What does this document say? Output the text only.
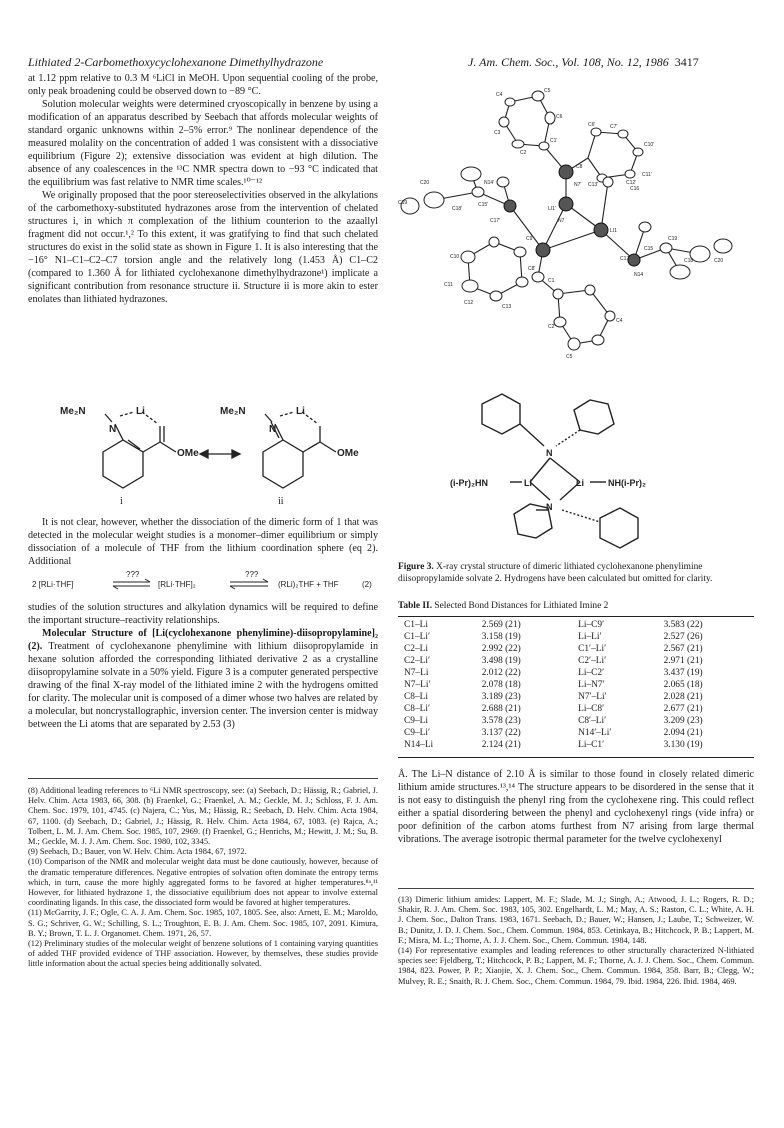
Lithiated 2-Carbomethoxycyclohexanone Dimethylhydrazone	J. Am. Chem. Soc., Vol. 108, No. 12, 1986 3417

at 1.12 ppm relative to 0.3 M ⁶LiCl in MeOH. Upon sequential cooling of the probe, only peak broadening could be observed down to −89 °C.

Solution molecular weights were determined cryoscopically in benzene by using a modification of an apparatus described by Seebach that affords molecular weights of standard organic unknowns within 2–5% error.⁹ The nonlinear dependence of the measured molality on the concentration of added 1 was consistent with a dissociative equilibrium (Figure 2); extensive dissociation was evident at high dilution. The absence of any coalescences in the ¹³C NMR spectra down to −93 °C indicated that the equilibrium was fast relative to NMR time scales.¹⁰⁻¹²

We originally proposed that the poor stereoselectivities observed in the alkylations of the carbomethoxy-substituted hydrazones arose from the intervention of chelated structures i, in which π complexation of the lithium counterion to the azaallyl fragment did not occur.¹,² To this extent, it was gratifying to find that such chelated structures do exist in the solid state as shown in Figure 1. It is also interesting that the −16° N1–C1–C2–C7 torsion angle and the relatively long (1.453 Å) C1–C2 (compared to 1.360 Å for lithiated cyclohexanone dimethylhydrazone¹) implicate a significant contribution from resonance structure ii. Structure ii is more akin to ester enolates than lithiated hydrazones.

Me₂N
N
Li
OMe
Me₂N
N
Li
OMe
i	ii

It is not clear, however, whether the dissociation of the dimeric form of 1 that was detected in the molecular weight studies is a monomer–dimer equilibrium or simply dissociation of a molecule of THF from the lithium coordination sphere (eq 2). Additional

2 [RLi·THF]
???
[RLi·THF]₂
???
(RLi)₂THF + THF	(2)

studies of the solution structures and alkylation dynamics will be required to define the important structure–reactivity relationships.

Molecular Structure of [Li(cyclohexanone phenylimine)-diisopropylamine]₂ (2). Treatment of cyclohexanone phenylimine with lithium diisopropylamide in hexane solution afforded the corresponding lithiated derivative 2 as a crystalline diisopropylamine solvate in a 50% yield. Figure 3 is a computer generated perspective drawing of the final X-ray model of the lithiated imine 2 with the hydrogens omitted for clarity. The molecular unit is composed of a dimer whose two halves are related by a molecular, but noncrystallographic, inversion center. The inversion center is midway between the Li atoms that are separated by 2.53 (3)

(8) Additional leading references to ⁶Li NMR spectroscopy, see: (a) Seebach, D.; Hässig, R.; Gabriel, J. Helv. Chim. Acta 1983, 66, 308. (b) Fraenkel, G.; Fraenkel, A. M.; Geckle, M. J.; Schloss, F. J. Am. Chem. Soc. 1979, 101, 4745. (c) Najera, C.; Yus, M.; Hässig, R.; Seebach, D. Helv. Chim. Acta 1984, 67, 1100. (d) Seebach, D.; Gabriel, J.; Hässig, R. Helv. Chim. Acta 1984, 67, 1083. (e) Rajca, A.; Tolbert, L. M. J. Am. Chem. Soc. 1985, 107, 2969. (f) Fraenkel, G.; Henrichs, M.; Hewitt, J. M.; Su, B. M.; Geckle, M. J. J. Am. Chem. Soc. 1980, 102, 3345.

(9) Seebach, D.; Bauer, von W. Helv. Chim. Acta 1984, 67, 1972.

(10) Comparison of the NMR and molecular weight data must be done cautiously, however, because of the dramatic temperature differences. Negative entropies of solvation often dominate the entropy terms which, in turn, cause the more highly aggregated forms to be favored at higher temperatures.⁸ᵃ,¹¹ However, for lithiated hydrazone 1, the dissociative equilibrium does not appear to involve external coordinating ligands. In this case, the dissociated form would be favored at higher temperatures.

(11) McGarrity, J. F.; Ogle, C. A. J. Am. Chem. Soc. 1985, 107, 1805. See, also: Arnett, E. M.; Maroldo, S. G.; Schriver, G. W.; Schilling, S. L.; Troughton, E. B. J. Am. Chem. Soc. 1985, 107, 2091. Kimura, B. Y.; Brown, T. L. J. Organomet. Chem. 1971, 26, 57.

(12) Preliminary studies of the molecular weight of benzene solutions of 1 containing varying quantities of added THF provided evidence of THF association. However, by themselves, these studies provide little information about the actual species being additionally solvated.

C4
C5
C6
C3
C1'
C2
C7'
C6'
C10'
C20
C8
C11'
C19
C18'
N14'
C15'
N7' C13'	C12'
C16
C17'
LI1
LI1'
C15
C19
C20
C9
N7
C18
C10
N14
C17
C11
C1
C8'
C13
C12
C2
C4
C5
N
N
Li	Li
(i-Pr)₂HN	NH(i-Pr)₂
Figure 3. X-ray crystal structure of dimeric lithiated cyclohexanone phenylimine diisopropylamide solvate 2. Hydrogens have been calculated but omitted for clarity.
Table II. Selected Bond Distances for Lithiated Imine 2
C1–Li	2.569 (21)	Li–C9′	3.583 (22)
C1–Li′	3.158 (19)	Li–Li′	2.527 (26)
C2–Li	2.992 (22)	C1′–Li′	2.567 (21)
C2–Li′	3.498 (19)	C2′–Li′	2.971 (21)
N7–Li	2.012 (22)	Li–C2′	3.437 (19)
N7–Li′	2.078 (18)	Li–N7′	2.065 (18)
C8–Li	3.189 (23)	N7′–Li′	2.028 (21)
C8–Li′	2.688 (21)	Li–C8′	2.677 (21)
C9–Li	3.578 (23)	C8′–Li′	3.209 (23)
C9–Li′	3.137 (22)	N14′–Li′	2.094 (21)
N14–Li	2.124 (21)	Li–C1′	3.130 (19)

Å. The Li–N distance of 2.10 Å is similar to those found in closely related dimeric lithium amide structures.¹³,¹⁴ The structure appears to be disordered in the sense that it is not easy to distinguish the phenyl ring from the cyclohexene ring. This could reflect either a spatial disordering between the phenyl and cyclohexenyl rings (vide infra) or poor definition of the carbon atoms furthest from N7 arising from large thermal vibrations. The average isotropic thermal parameter for the twelve cyclohexenyl

(13) Dimeric lithium amides: Lappert, M. F.; Slade, M. J.; Singh, A.; Atwood, J. L.; Rogers, R. D.; Shakir, R. J. Am. Chem. Soc. 1983, 105, 302. Engelhardt, L. M.; May, A. S.; Raston, C. L.; White, A. H. J. Chem. Soc., Dalton Trans. 1983, 1671. Seebach, D.; Bauer, W.; Hansen, J.; Laube, T.; Schweizer, W. B.; Dunitz, J. D. J. Chem. Soc., Chem. Commun. 1984, 853. Cetinkaya, B.; Hitchcock, P. B.; Lappert, M. F.; Misra, M. L.; Thorne, A. J. J. Chem. Soc., Chem. Commun. 1984, 148.

(14) For representative examples and leading references to other structurally characterized N-lithiated species see: Fjeldberg, T.; Hitchcock, P. B.; Lappert, M. F.; Thorne, A. J. J. Chem. Soc., Chem. Commun. 1984, 823. Power, P. P.; Xiaojie, X. J. Chem. Soc., Chem. Commun. 1984, 358. Barr, B.; Clegg, W.; Mulvey, R. E.; Snaith, R. J. Chem. Soc., Chem. Commun. 1984, 79. Ibid. 1984, 226. Ibid. 1984, 469.
